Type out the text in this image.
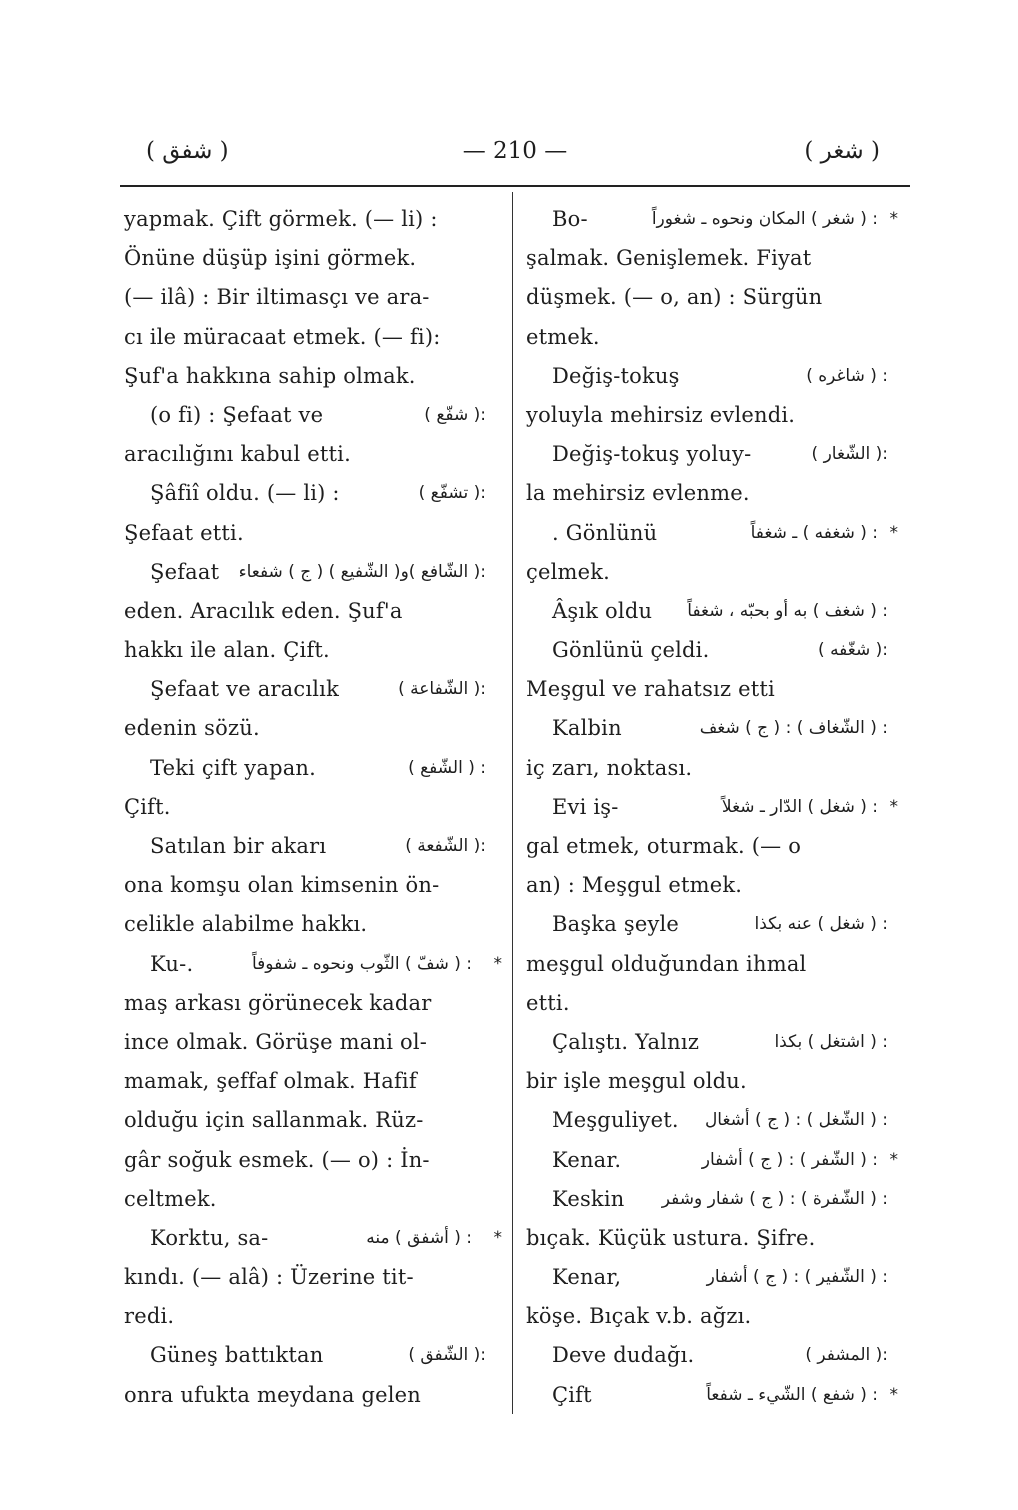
( شفق )	— 210 —	( شغر )
yapmak. Çift görmek. (— li) :
Önüne düşüp işini görmek.
(— ilâ) : Bir iltimasçı ve ara-
cı ile müracaat etmek. (— fi):
Şuf'a hakkına sahip olmak.
(o fi) : Şefaat ve	:( شفّع )
aracılığını kabul etti.
Şâfiî oldu. (— li) :	:( تشفّع )
Şefaat etti.
Şefaat :( الشّافع )و( الشّفيع ) ( ج ) شفعاء
eden. Aracılık eden. Şuf'a
hakkı ile alan. Çift.
Şefaat ve aracılık	:( الشّفاعة )
edenin sözü.
Teki çift yapan.	: ( الشّفع )
Çift.
Satılan bir akarı	:( الشّفعة )
ona komşu olan kimsenin ön-
celikle alabilme hakkı.
Ku-.	: ( شفّ ) الثّوب ونحوه ـ شفوفاً *
maş arkası görünecek kadar
ince olmak. Görüşe mani ol-
mamak, şeffaf olmak. Hafif
olduğu için sallanmak. Rüz-
gâr soğuk esmek. (— o) : İn-
celtmek.
Korktu, sa-	: ( أشفق ) منه *
kındı. (— alâ) : Üzerine tit-
redi.
Güneş battıktan	:( الشّفق )
onra ufukta meydana gelen
Bo-	: ( شغر ) المكان ونحوه ـ شغوراً *
şalmak. Genişlemek. Fiyat
düşmek. (— o, an) : Sürgün
etmek.
Değiş-tokuş	: ( شاغره )
yoluyla mehirsiz evlendi.
Değiş-tokuş yoluy-	:( الشّغار )
la mehirsiz evlenme.
. Gönlünü	: ( شغفه ) ـ شغفاً *
çelmek.
Âşık oldu : ( شغف ) به أو بحبّه ، شغفاً
Gönlünü çeldi.	:( شغّفه )
Meşgul ve rahatsız etti
Kalbin	: ( الشّغاف ) : ( ج ) شغف
iç zarı, noktası.
Evi iş-	: ( شغل ) الدّار ـ شغلاً *
gal etmek, oturmak. (— o
an) : Meşgul etmek.
Başka şeyle	: ( شغل ) عنه بكذا
meşgul olduğundan ihmal
etti.
Çalıştı. Yalnız	: ( اشتغل ) بكذا
bir işle meşgul oldu.
Meşguliyet. : ( الشّغل ) : ( ج ) أشغال
Kenar.	: ( الشّفر ) : ( ج ) أشفار *
Keskin : ( الشّفرة ) : ( ج ) شفار وشفر
bıçak. Küçük ustura. Şifre.
Kenar,	: ( الشّفير ) : ( ج ) أشفار
köşe. Bıçak v.b. ağzı.
Deve dudağı.	:( المشفر )
Çift	: ( شفع ) الشّيء ـ شفعاً *
